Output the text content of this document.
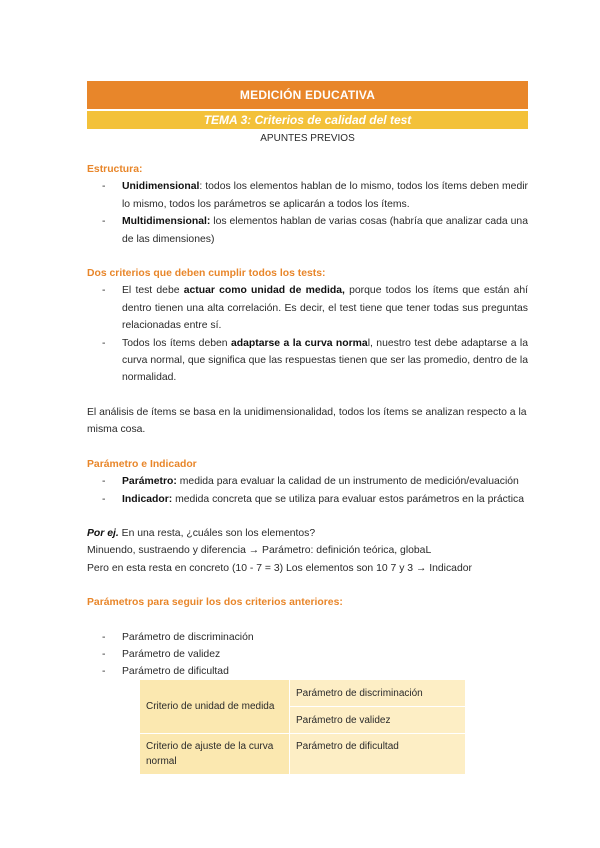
MEDICIÓN EDUCATIVA
TEMA 3: Criterios de calidad del test
APUNTES PREVIOS

Estructura:

- Unidimensional: todos los elementos hablan de lo mismo, todos los ítems deben medir lo mismo, todos los parámetros se aplicarán a todos los ítems.
- Multidimensional: los elementos hablan de varias cosas (habría que analizar cada una de las dimensiones)

Dos criterios que deben cumplir todos los tests:

- El test debe actuar como unidad de medida, porque todos los ítems que están ahí dentro tienen una alta correlación. Es decir, el test tiene que tener todas sus preguntas relacionadas entre sí.
- Todos los ítems deben adaptarse a la curva normal, nuestro test debe adaptarse a la curva normal, que significa que las respuestas tienen que ser las promedio, dentro de la normalidad.

El análisis de ítems se basa en la unidimensionalidad, todos los ítems se analizan respecto a la misma cosa.

Parámetro e Indicador

- Parámetro: medida para evaluar la calidad de un instrumento de medición/evaluación
- Indicador: medida concreta que se utiliza para evaluar estos parámetros en la práctica

Por ej. En una resta, ¿cuáles son los elementos?

Minuendo, sustraendo y diferencia → Parámetro: definición teórica, globaL

Pero en esta resta en concreto (10 - 7 = 3) Los elementos son 10 7 y 3 → Indicador

Parámetros para seguir los dos criterios anteriores:

- Parámetro de discriminación
- Parámetro de validez
- Parámetro de dificultad
Criterio de unidad de medida	Parámetro de discriminación
	Parámetro de validez
Criterio de ajuste de la curva normal	Parámetro de dificultad
